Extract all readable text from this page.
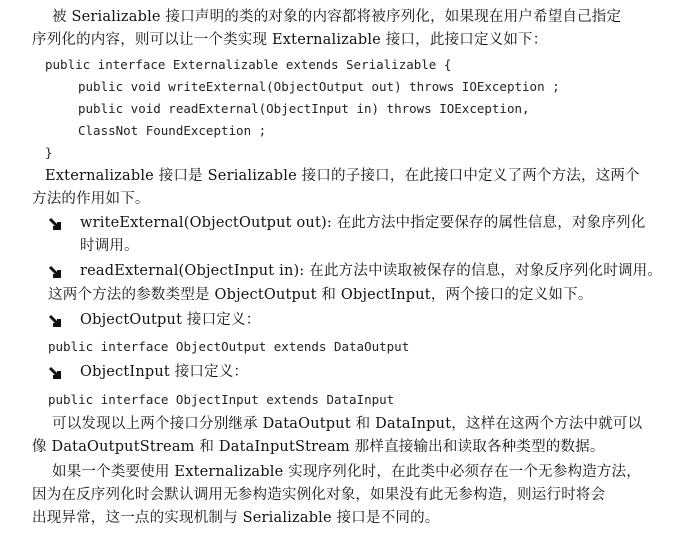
被 Serializable 接口声明的类的对象的内容都将被序列化，如果现在用户希望自己指定
序列化的内容，则可以让一个类实现 Externalizable 接口，此接口定义如下：
public interface Externalizable extends Serializable {
public void writeExternal(ObjectOutput out) throws IOException ;
public void readExternal(ObjectInput in) throws IOException,
ClassNot FoundException ;
}
Externalizable 接口是 Serializable 接口的子接口，在此接口中定义了两个方法，这两个
方法的作用如下。
writeExternal(ObjectOutput out): 在此方法中指定要保存的属性信息，对象序列化
时调用。
readExternal(ObjectInput in): 在此方法中读取被保存的信息，对象反序列化时调用。
这两个方法的参数类型是 ObjectOutput 和 ObjectInput，两个接口的定义如下。
ObjectOutput 接口定义：
public interface ObjectOutput extends DataOutput
ObjectInput 接口定义：
public interface ObjectInput extends DataInput
可以发现以上两个接口分别继承 DataOutput 和 DataInput，这样在这两个方法中就可以
像 DataOutputStream 和 DataInputStream 那样直接输出和读取各种类型的数据。
如果一个类要使用 Externalizable 实现序列化时，在此类中必须存在一个无参构造方法，
因为在反序列化时会默认调用无参构造实例化对象，如果没有此无参构造，则运行时将会
出现异常，这一点的实现机制与 Serializable 接口是不同的。
